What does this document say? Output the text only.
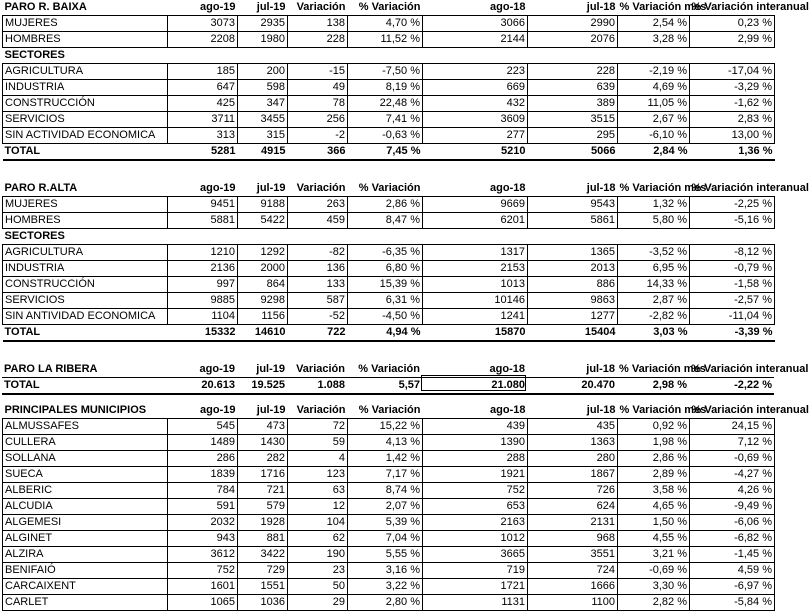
PARO R. BAIXA	ago-19	jul-19	Variación	% Variación	ago-18	jul-18	% Variación mes	% Variación interanual
MUJERES	3073	2935	138	4,70 %	3066	2990	2,54 %	0,23 %
HOMBRES	2208	1980	228	11,52 %	2144	2076	3,28 %	2,99 %
SECTORES								
AGRICULTURA	185	200	-15	-7,50 %	223	228	-2,19 %	-17,04 %
INDUSTRIA	647	598	49	8,19 %	669	639	4,69 %	-3,29 %
CONSTRUCCIÓN	425	347	78	22,48 %	432	389	11,05 %	-1,62 %
SERVICIOS	3711	3455	256	7,41 %	3609	3515	2,67 %	2,83 %
SIN ACTIVIDAD ECONOMICA	313	315	-2	-0,63 %	277	295	-6,10 %	13,00 %
TOTAL	5281	4915	366	7,45 %	5210	5066	2,84 %	1,36 %
PARO R.ALTA	ago-19	jul-19	Variación	% Variación	ago-18	jul-18	% Variación mes	% Variación interanual
MUJERES	9451	9188	263	2,86 %	9669	9543	1,32 %	-2,25 %
HOMBRES	5881	5422	459	8,47 %	6201	5861	5,80 %	-5,16 %
SECTORES								
AGRICULTURA	1210	1292	-82	-6,35 %	1317	1365	-3,52 %	-8,12 %
INDUSTRIA	2136	2000	136	6,80 %	2153	2013	6,95 %	-0,79 %
CONSTRUCCIÓN	997	864	133	15,39 %	1013	886	14,33 %	-1,58 %
SERVICIOS	9885	9298	587	6,31 %	10146	9863	2,87 %	-2,57 %
SIN ANTIVIDAD ECONOMICA	1104	1156	-52	-4,50 %	1241	1277	-2,82 %	-11,04 %
TOTAL	15332	14610	722	4,94 %	15870	15404	3,03 %	-3,39 %
PARO LA RIBERA	ago-19	jul-19	Variación	% Variación	ago-18	jul-18	% Variación mes	% Variación interanual
TOTAL	20.613	19.525	1.088	5,57	21.080	20.470	2,98 %	-2,22 %
PRINCIPALES MUNICIPIOS	ago-19	jul-19	Variación	% Variación	ago-18	jul-18	% Variación mes	% Variación interanual
ALMUSSAFES	545	473	72	15,22 %	439	435	0,92 %	24,15 %
CULLERA	1489	1430	59	4,13 %	1390	1363	1,98 %	7,12 %
SOLLANA	286	282	4	1,42 %	288	280	2,86 %	-0,69 %
SUECA	1839	1716	123	7,17 %	1921	1867	2,89 %	-4,27 %
ALBERIC	784	721	63	8,74 %	752	726	3,58 %	4,26 %
ALCUDIA	591	579	12	2,07 %	653	624	4,65 %	-9,49 %
ALGEMESI	2032	1928	104	5,39 %	2163	2131	1,50 %	-6,06 %
ALGINET	943	881	62	7,04 %	1012	968	4,55 %	-6,82 %
ALZIRA	3612	3422	190	5,55 %	3665	3551	3,21 %	-1,45 %
BENIFAIÓ	752	729	23	3,16 %	719	724	-0,69 %	4,59 %
CARCAIXENT	1601	1551	50	3,22 %	1721	1666	3,30 %	-6,97 %
CARLET	1065	1036	29	2,80 %	1131	1100	2,82 %	-5,84 %
